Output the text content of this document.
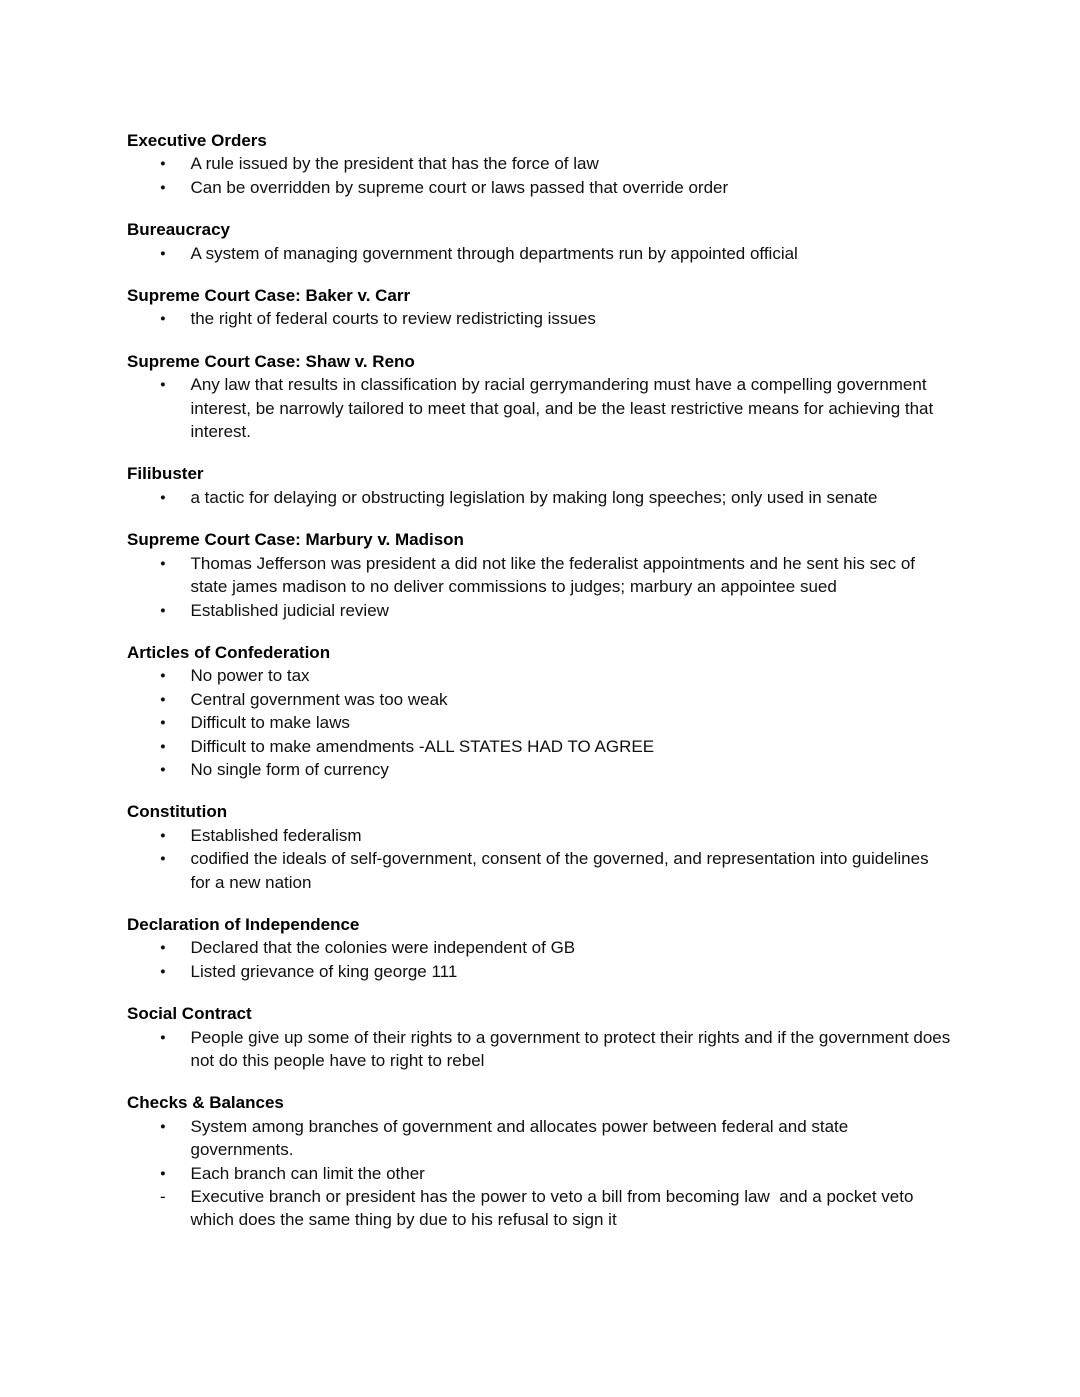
Executive Orders
●	A rule issued by the president that has the force of law
●	Can be overridden by supreme court or laws passed that override order
Bureaucracy
●	A system of managing government through departments run by appointed official
Supreme Court Case: Baker v. Carr
●	the right of federal courts to review redistricting issues
Supreme Court Case: Shaw v. Reno
●	Any law that results in classification by racial gerrymandering must have a compelling government interest, be narrowly tailored to meet that goal, and be the least restrictive means for achieving that interest.
Filibuster
●	a tactic for delaying or obstructing legislation by making long speeches; only used in senate
Supreme Court Case: Marbury v. Madison
●	Thomas Jefferson was president a did not like the federalist appointments and he sent his sec of state james madison to no deliver commissions to judges; marbury an appointee sued
●	Established judicial review
Articles of Confederation
●	No power to tax
●	Central government was too weak
●	Difficult to make laws
●	Difficult to make amendments -ALL STATES HAD TO AGREE
●	No single form of currency
Constitution
●	Established federalism
●	codified the ideals of self-government, consent of the governed, and representation into guidelines for a new nation
Declaration of Independence
●	Declared that the colonies were independent of GB
●	Listed grievance of king george 111
Social Contract
●	People give up some of their rights to a government to protect their rights and if the government does not do this people have to right to rebel
Checks & Balances
●	System among branches of government and allocates power between federal and state governments.
●	Each branch can limit the other
-	Executive branch or president has the power to veto a bill from becoming law  and a pocket veto which does the same thing by due to his refusal to sign it
